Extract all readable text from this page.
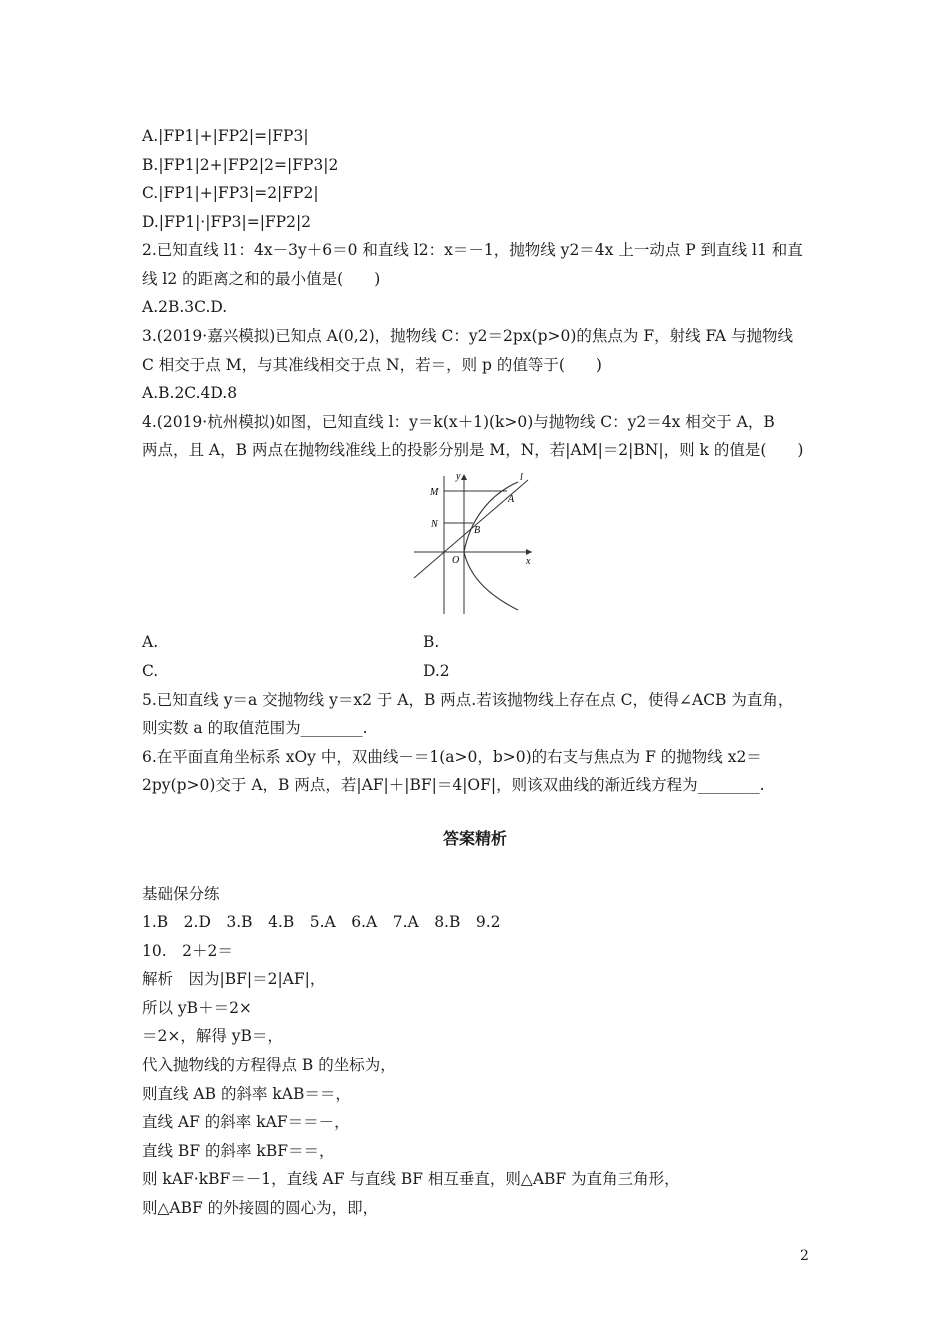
A.|FP1|+|FP2|=|FP3|
B.|FP1|2+|FP2|2=|FP3|2
C.|FP1|+|FP3|=2|FP2|
D.|FP1|·|FP3|=|FP2|2
2.已知直线 l1：4x－3y＋6＝0 和直线 l2：x＝－1，抛物线 y2＝4x 上一动点 P 到直线 l1 和直
线 l2 的距离之和的最小值是(　　)
A.2B.3C.D.
3.(2019·嘉兴模拟)已知点 A(0,2)，抛物线 C：y2＝2px(p>0)的焦点为 F，射线 FA 与抛物线
C 相交于点 M，与其准线相交于点 N，若＝，则 p 的值等于(　　)
A.B.2C.4D.8
4.(2019·杭州模拟)如图，已知直线 l：y＝k(x＋1)(k>0)与抛物线 C：y2＝4x 相交于 A，B
两点，且 A，B 两点在抛物线准线上的投影分别是 M，N，若|AM|＝2|BN|，则 k 的值是(　　)
y	l
M
A
N
B
O	x
A.	B.
C.	D.2
5.已知直线 y＝a 交抛物线 y＝x2 于 A，B 两点.若该抛物线上存在点 C，使得∠ACB 为直角，
则实数 a 的取值范围为________.
6.在平面直角坐标系 xOy 中，双曲线－＝1(a>0，b>0)的右支与焦点为 F 的抛物线 x2＝
2py(p>0)交于 A，B 两点，若|AF|＋|BF|＝4|OF|，则该双曲线的渐近线方程为________.
答案精析
基础保分练
1.B　2.D　3.B　4.B　5.A　6.A　7.A　8.B　9.2
10.　2＋2＝
解析　因为|BF|＝2|AF|，
所以 yB＋＝2×
＝2×，解得 yB＝，
代入抛物线的方程得点 B 的坐标为，
则直线 AB 的斜率 kAB＝＝，
直线 AF 的斜率 kAF＝＝－，
直线 BF 的斜率 kBF＝＝，
则 kAF·kBF＝－1，直线 AF 与直线 BF 相互垂直，则△ABF 为直角三角形，
则△ABF 的外接圆的圆心为，即，
2
